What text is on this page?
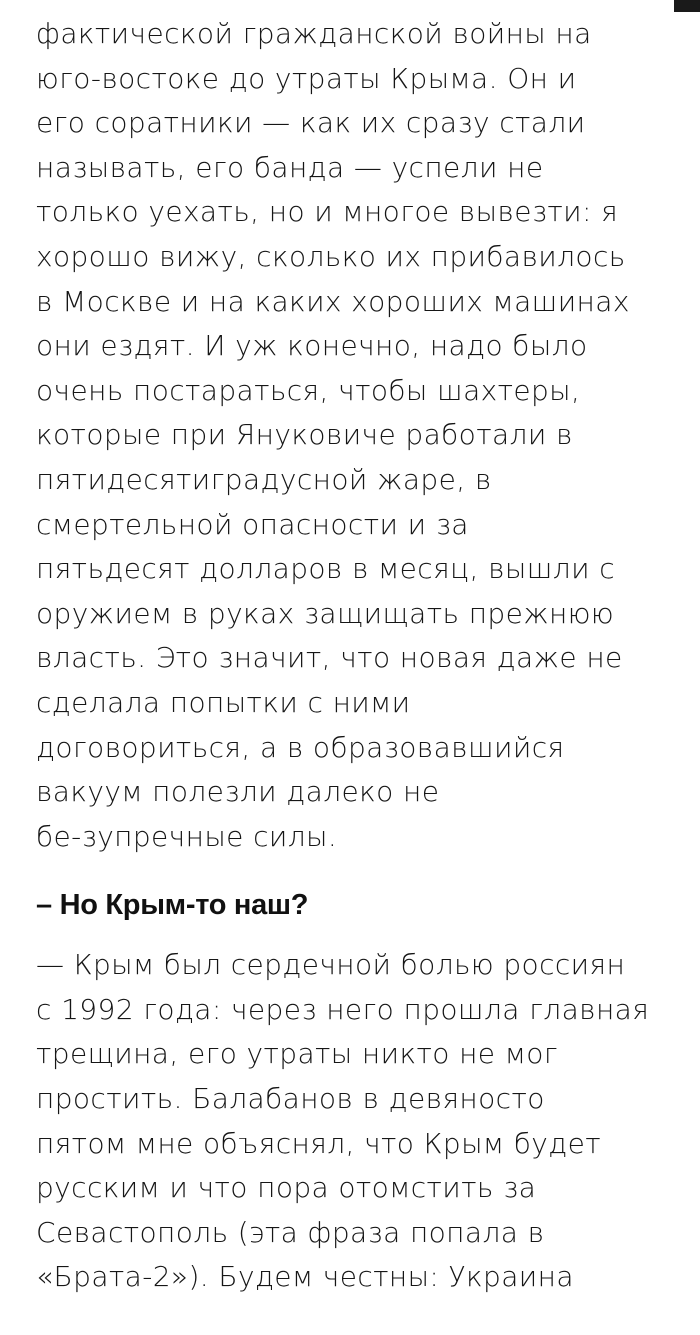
фактической гражданской войны на
юго-востоке до утраты Крыма. Он и
его соратники — как их сразу стали
называть, его банда — успели не
только уехать, но и многое вывезти: я
хорошо вижу, сколько их прибавилось
в Москве и на каких хороших машинах
они ездят. И уж конечно, надо было
очень постараться, чтобы шахтеры,
которые при Януковиче работали в
пятидесятиградусной жаре, в
смертельной опасности и за
пятьдесят долларов в месяц, вышли с
оружием в руках защищать прежнюю
власть. Это значит, что новая даже не
сделала попытки с ними
договориться, а в образовавшийся
вакуум полезли далеко не
бе-зупречные силы.

– Но Крым-то наш?

— Крым был сердечной болью россиян
с 1992 года: через него прошла главная
трещина, его утраты никто не мог
простить. Балабанов в девяносто
пятом мне объяснял, что Крым будет
русским и что пора отомстить за
Севастополь (эта фраза попала в
«Брата-2»). Будем честны: Украина
